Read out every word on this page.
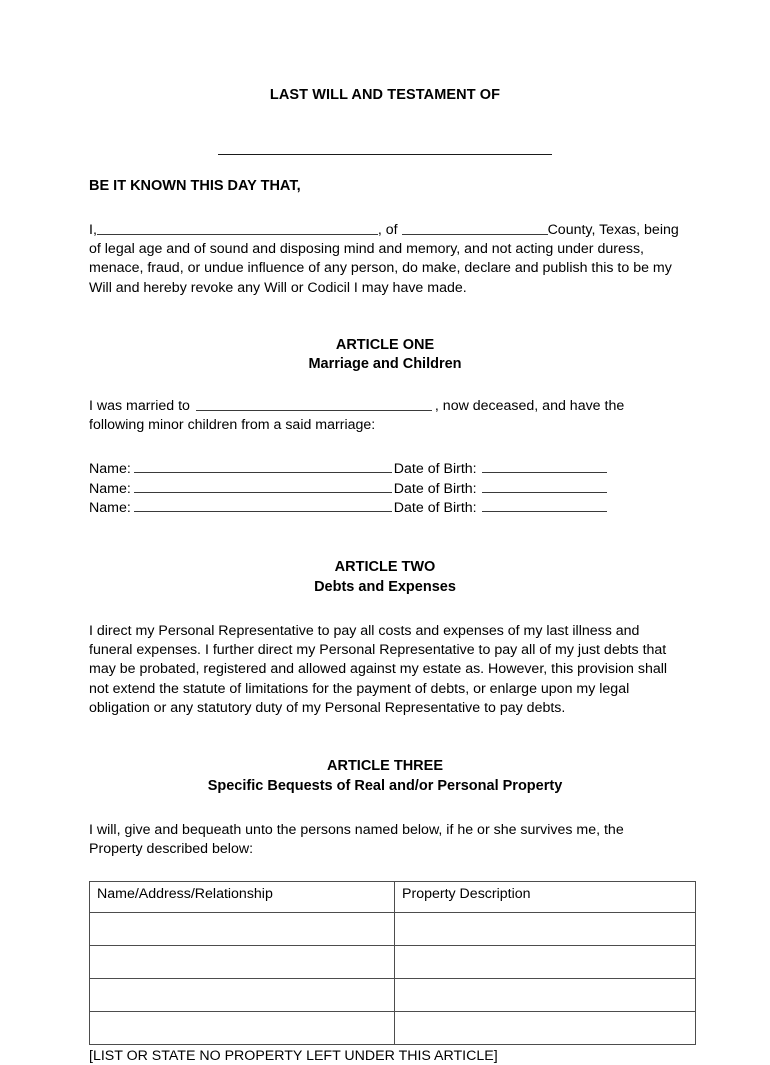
LAST WILL AND TESTAMENT OF
BE IT KNOWN THIS DAY THAT,

I,	, of	County, Texas, being of legal age and of sound and disposing mind and memory, and not acting under duress, menace, fraud, or undue influence of any person, do make, declare and publish this to be my Will and hereby revoke any Will or Codicil I may have made.

ARTICLE ONE
Marriage and Children

I was married to	, now deceased, and have the following minor children from a said marriage:

Name:	Date of Birth:
Name:	Date of Birth:
Name:	Date of Birth:
ARTICLE TWO
Debts and Expenses

I direct my Personal Representative to pay all costs and expenses of my last illness and funeral expenses. I further direct my Personal Representative to pay all of my just debts that may be probated, registered and allowed against my estate as. However, this provision shall not extend the statute of limitations for the payment of debts, or enlarge upon my legal obligation or any statutory duty of my Personal Representative to pay debts.

ARTICLE THREE
Specific Bequests of Real and/or Personal Property

I will, give and bequeath unto the persons named below, if he or she survives me, the Property described below:

Name/Address/Relationship	Property Description

[LIST OR STATE NO PROPERTY LEFT UNDER THIS ARTICLE]
